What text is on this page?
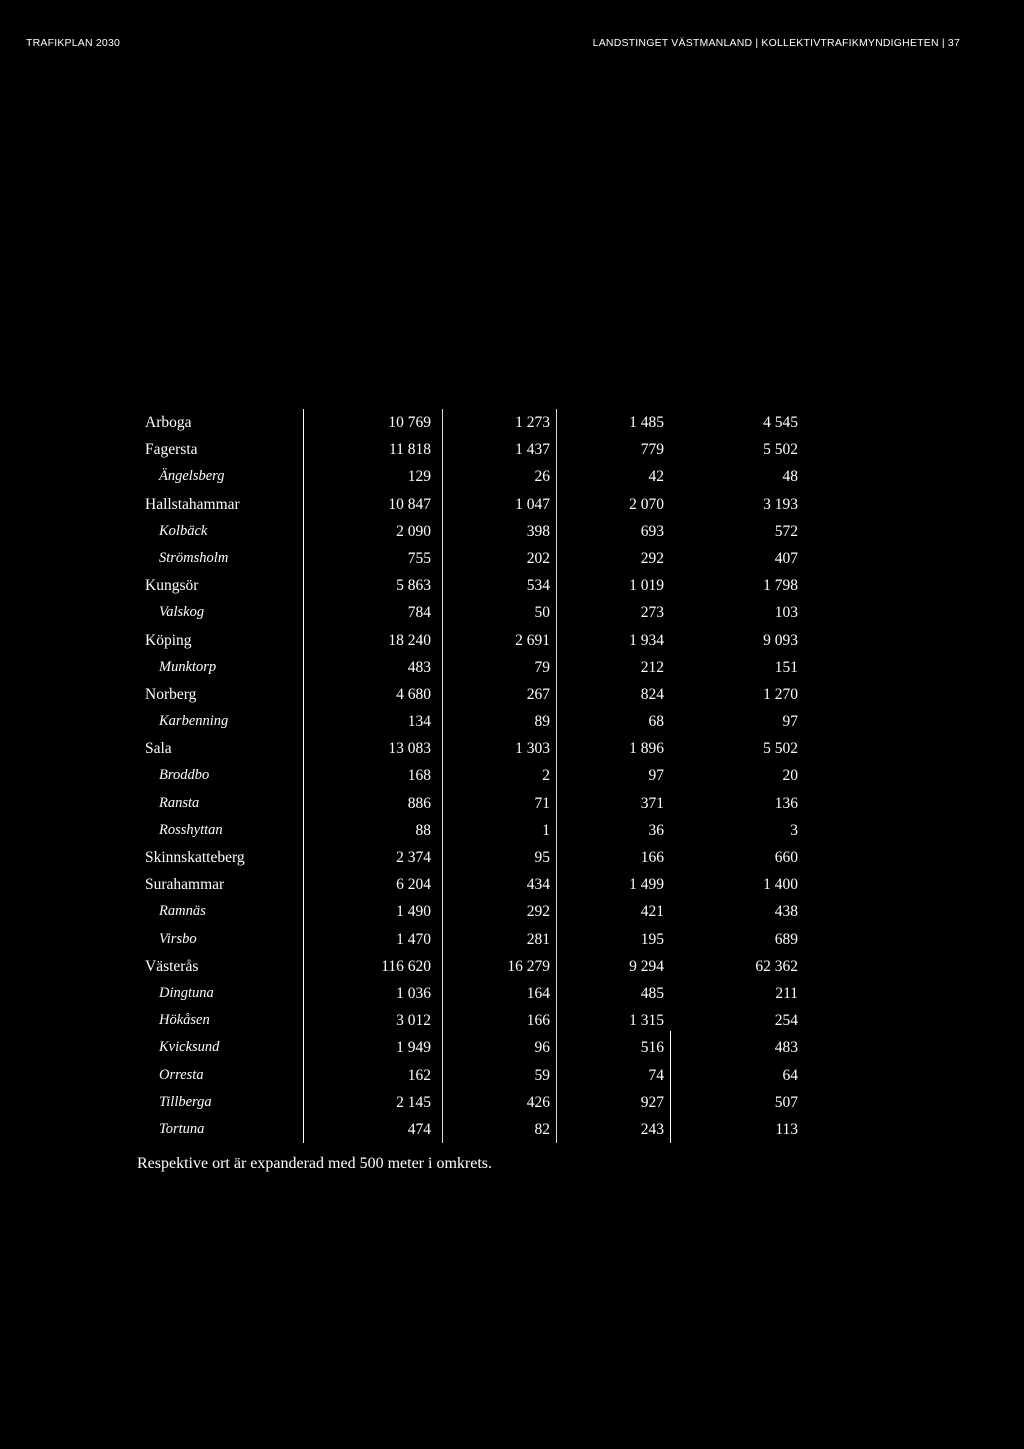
TRAFIKPLAN 2030	LANDSTINGET VÄSTMANLAND | KOLLEKTIVTRAFIKMYNDIGHETEN | 37
Arboga	10 769	1 273	1 485	4 545
Fagersta	11 818	1 437	779	5 502
Ängelsberg	129	26	42	48
Hallstahammar	10 847	1 047	2 070	3 193
Kolbäck	2 090	398	693	572
Strömsholm	755	202	292	407
Kungsör	5 863	534	1 019	1 798
Valskog	784	50	273	103
Köping	18 240	2 691	1 934	9 093
Munktorp	483	79	212	151
Norberg	4 680	267	824	1 270
Karbenning	134	89	68	97
Sala	13 083	1 303	1 896	5 502
Broddbo	168	2	97	20
Ransta	886	71	371	136
Rosshyttan	88	1	36	3
Skinnskatteberg	2 374	95	166	660
Surahammar	6 204	434	1 499	1 400
Ramnäs	1 490	292	421	438
Virsbo	1 470	281	195	689
Västerås	116 620	16 279	9 294	62 362
Dingtuna	1 036	164	485	211
Hökåsen	3 012	166	1 315	254
Kvicksund	1 949	96	516	483
Orresta	162	59	74	64
Tillberga	2 145	426	927	507
Tortuna	474	82	243	113
Respektive ort är expanderad med 500 meter i omkrets.
